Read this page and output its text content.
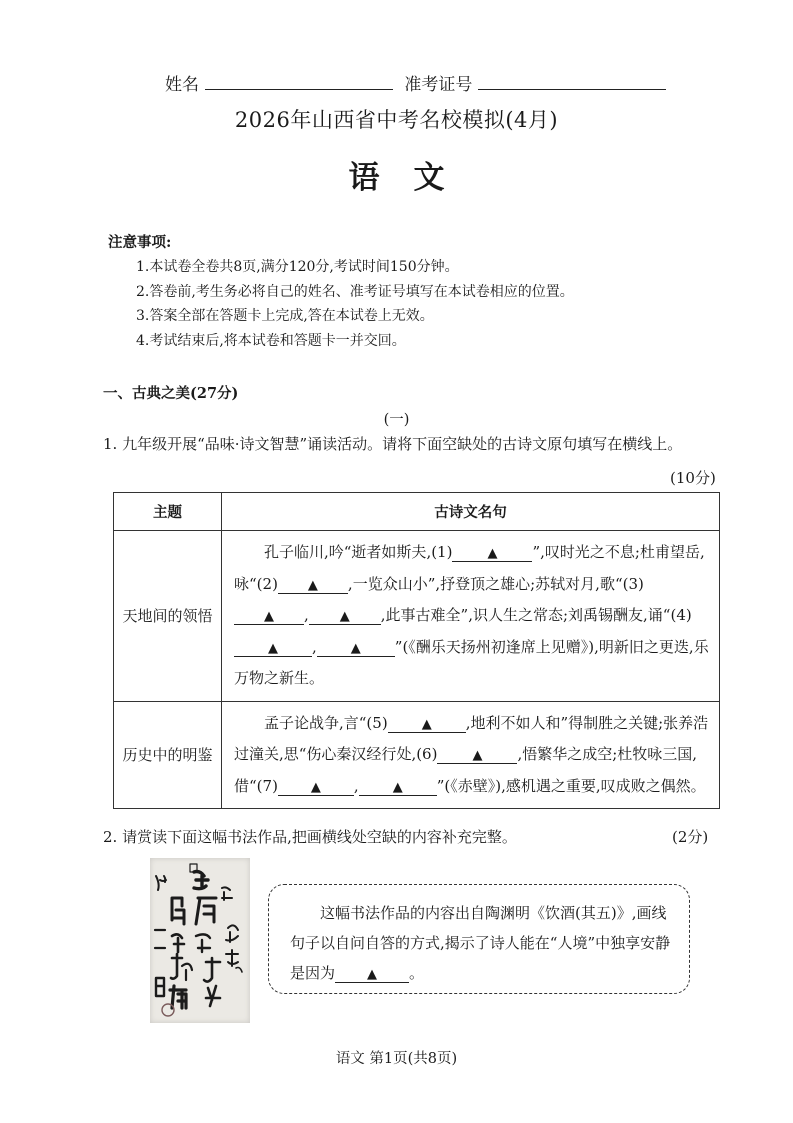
姓名	准考证号
2026年山西省中考名校模拟(4月)
语文
注意事项:
1.本试卷全卷共8页,满分120分,考试时间150分钟。
2.答卷前,考生务必将自己的姓名、准考证号填写在本试卷相应的位置。
3.答案全部在答题卡上完成,答在本试卷上无效。
4.考试结束后,将本试卷和答题卡一并交回。
一、古典之美(27分)
(一)
1. 九年级开展“品味·诗文智慧”诵读活动。请将下面空缺处的古诗文原句填写在横线上。
(10分)
主题	古诗文名句
天地间的领悟	孔子临川,吟“逝者如斯夫,(1) ▲ ”,叹时光之不息;杜甫望岳,咏“(2) ▲ ,一览众山小”,抒登顶之雄心;苏轼对月,歌“(3)▲ , ▲ ,此事古难全”,识人生之常态;刘禹锡酬友,诵“(4)▲ , ▲ ”(《酬乐天扬州初逢席上见赠》),明新旧之更迭,乐万物之新生。
历史中的明鉴	孟子论战争,言“(5) ▲ ,地利不如人和”得制胜之关键;张养浩过潼关,思“伤心秦汉经行处,(6) ▲ ,悟繁华之成空;杜牧咏三国,借“(7) ▲ , ▲ ”(《赤壁》),感机遇之重要,叹成败之偶然。
2. 请赏读下面这幅书法作品,把画横线处空缺的内容补充完整。	(2分)
这幅书法作品的内容出自陶渊明《饮酒(其五)》,画线句子以自问自答的方式,揭示了诗人能在“人境”中独享安静是因为 ▲ 。
语文 第1页(共8页)
